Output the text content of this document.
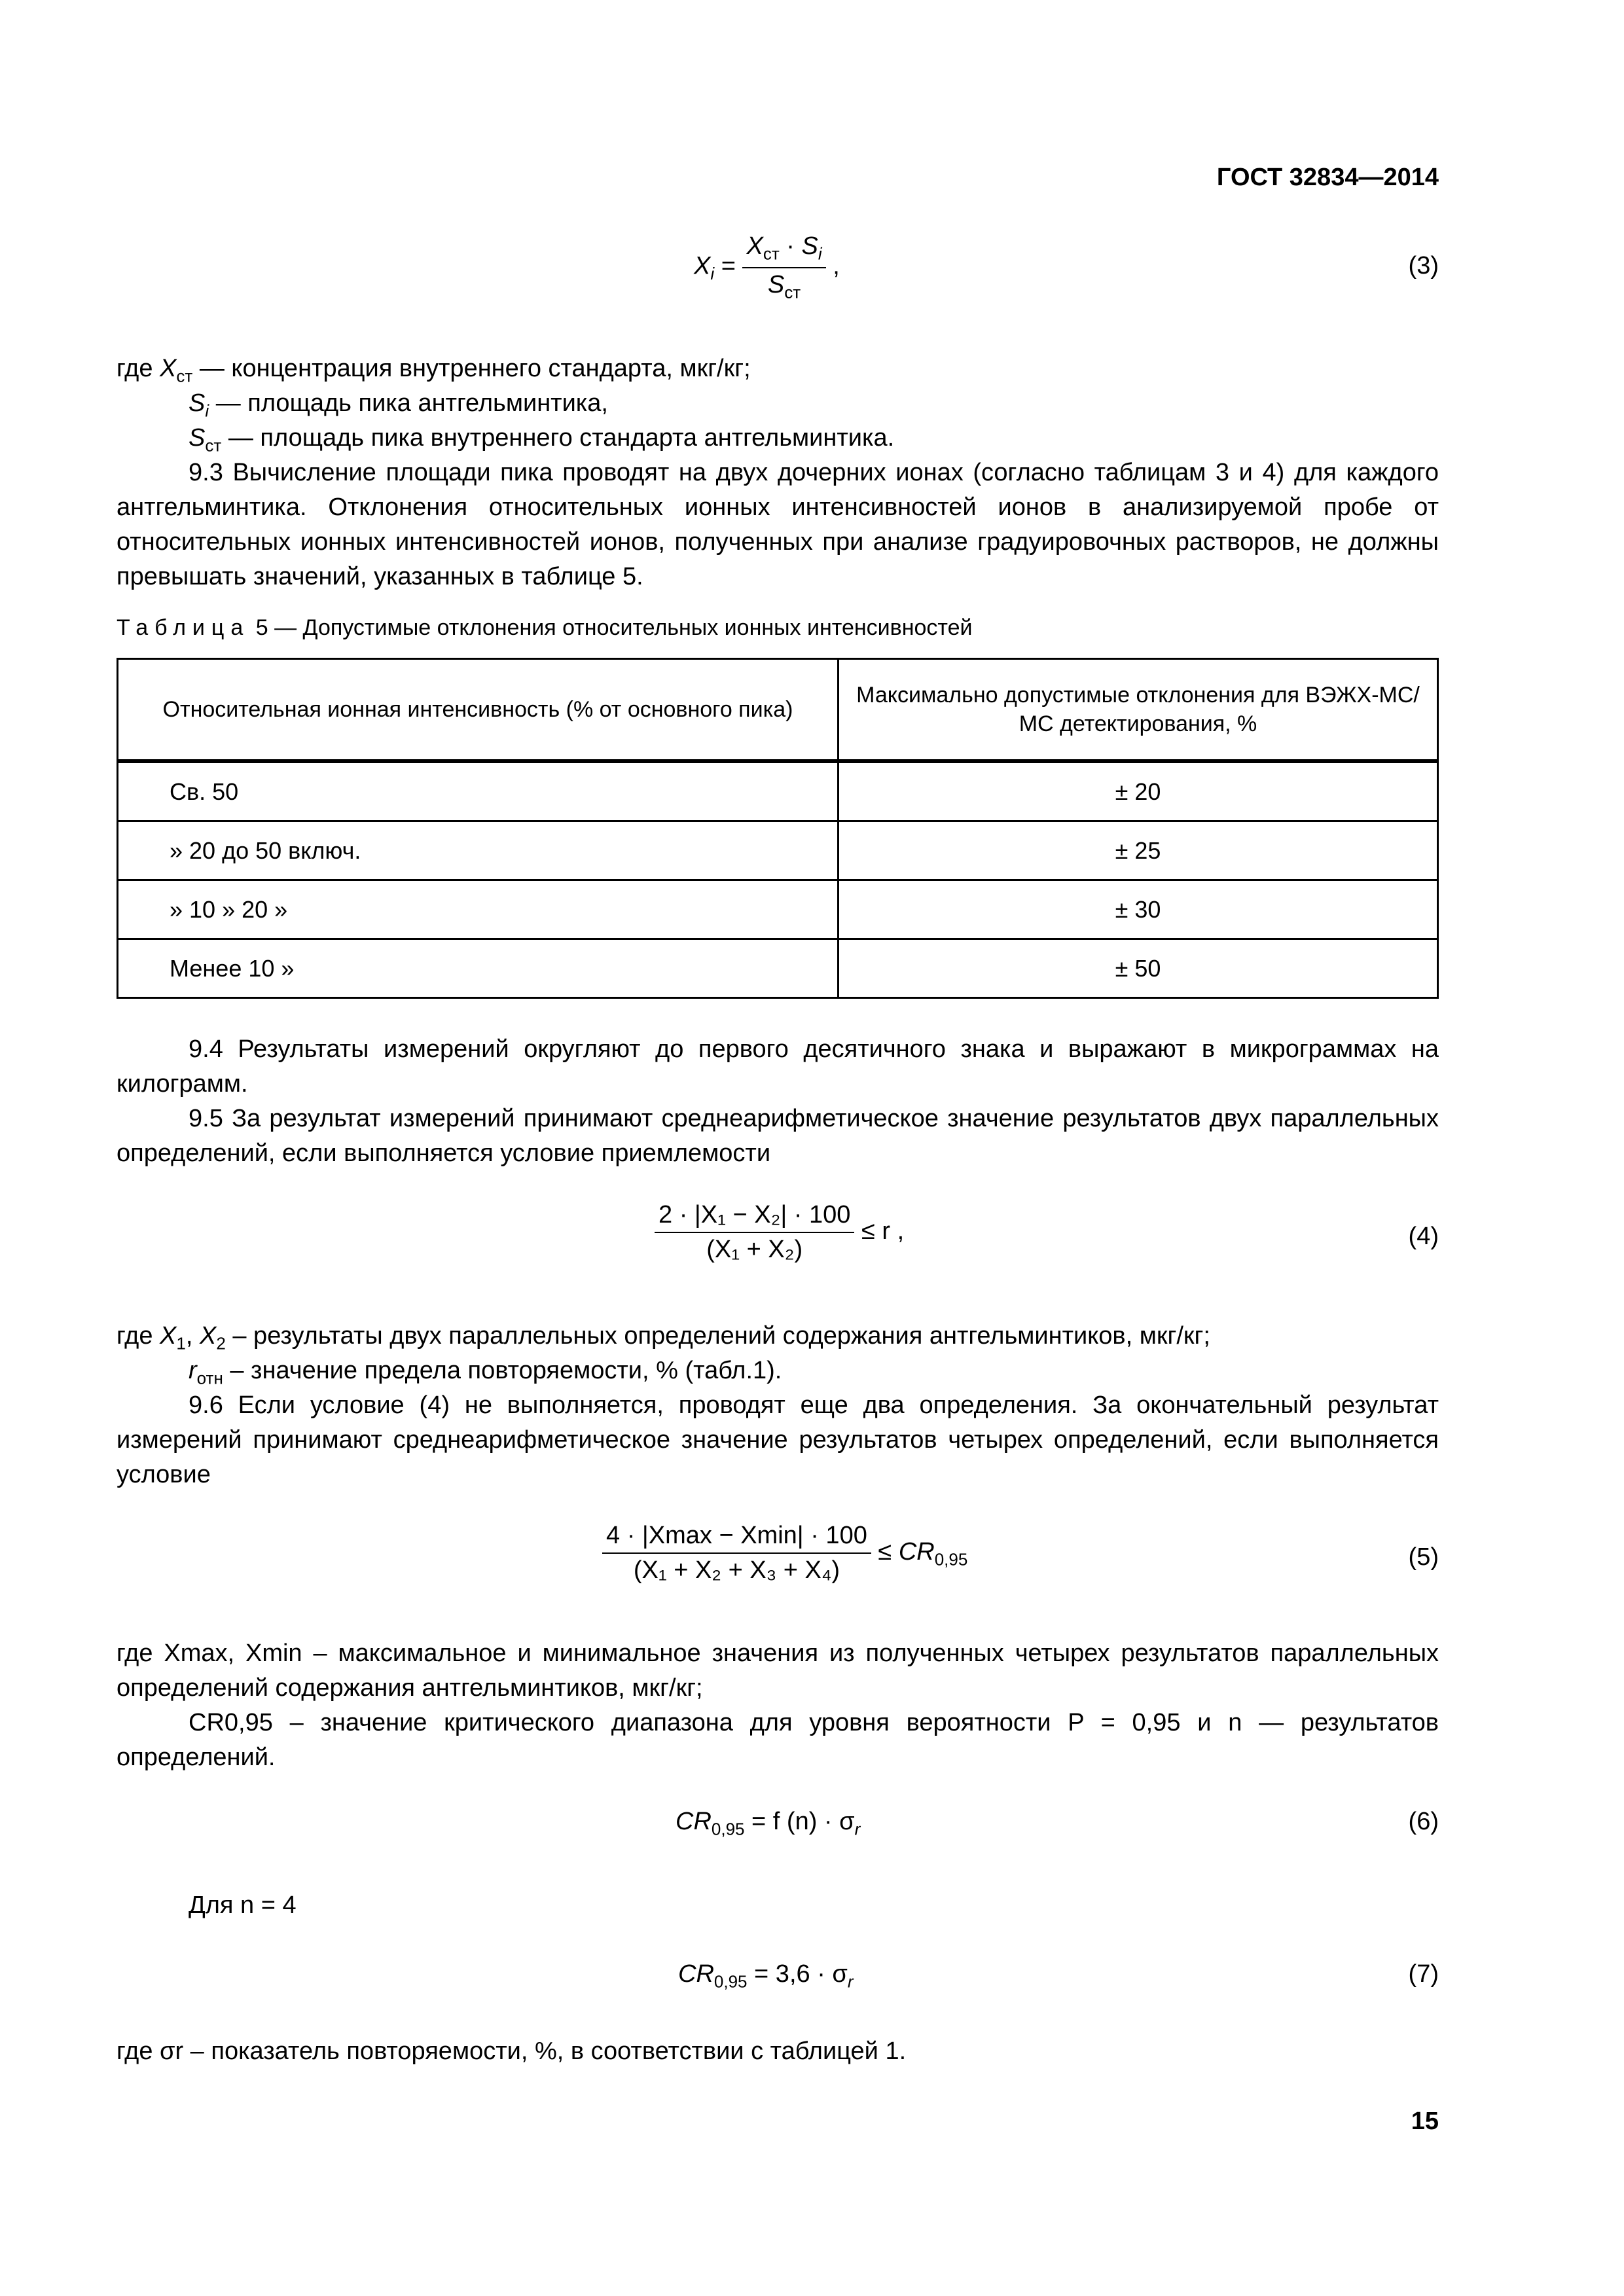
ГОСТ 32834—2014
$X_i = \frac{X_{ст} \cdot S_i}{S_{ст}}$ ,	(3)
где $X_{ст}$ — концентрация внутреннего стандарта, мкг/кг;
$S_i$ — площадь пика антгельминтика,
$S_{ст}$ — площадь пика внутреннего стандарта антгельминтика.
9.3 Вычисление площади пика проводят на двух дочерних ионах (согласно таблицам 3 и 4) для каждого антгельминтика. Отклонения относительных ионных интенсивностей ионов в анализируемой пробе от относительных ионных интенсивностей ионов, полученных при анализе градуировочных растворов, не должны превышать значений, указанных в таблице 5.
Таблица 5 — Допустимые отклонения относительных ионных интенсивностей
Относительная ионная интенсивность (% от основного пика)	Максимально допустимые отклонения для ВЭЖХ-МС/МС детектирования, %
Св. 50	± 20
» 20 до 50 включ.	± 25
» 10 » 20 »	± 30
Менее 10 »	± 50
9.4 Результаты измерений округляют до первого десятичного знака и выражают в микрограммах на килограмм.
9.5 За результат измерений принимают среднеарифметическое значение результатов двух параллельных определений, если выполняется условие приемлемости
$\frac{\text{2 · |X₁ − X₂| · 100}}{\text{(X₁ + X₂)}} \le r$ ,	(4)
где $X_1$, $X_2$ – результаты двух параллельных определений содержания антгельминтиков, мкг/кг;
$r_{отн}$ – значение предела повторяемости, % (табл.1).
9.6 Если условие (4) не выполняется, проводят еще два определения. За окончательный результат измерений принимают среднеарифметическое значение результатов четырех определений, если выполняется условие
$\frac{4 \cdot |Xmax - Xmin| \cdot 100}{\text{(X₁ + X₂ + X₃ + X₄)}} \le CR_{0,95}$	(5)
где Xmax, Xmin – максимальное и минимальное значения из полученных четырех результатов параллельных определений содержания антгельминтиков, мкг/кг;
CR0,95 – значение критического диапазона для уровня вероятности P = 0,95 и n — результатов определений.
$CR_{0,95} = f$ $(n) \cdot \sigma_r$	(6)
Для n = 4
$CR_{0,95} = 3,6 \cdot \sigma_r$	(7)
где σr – показатель повторяемости, %, в соответствии с таблицей 1.
15
